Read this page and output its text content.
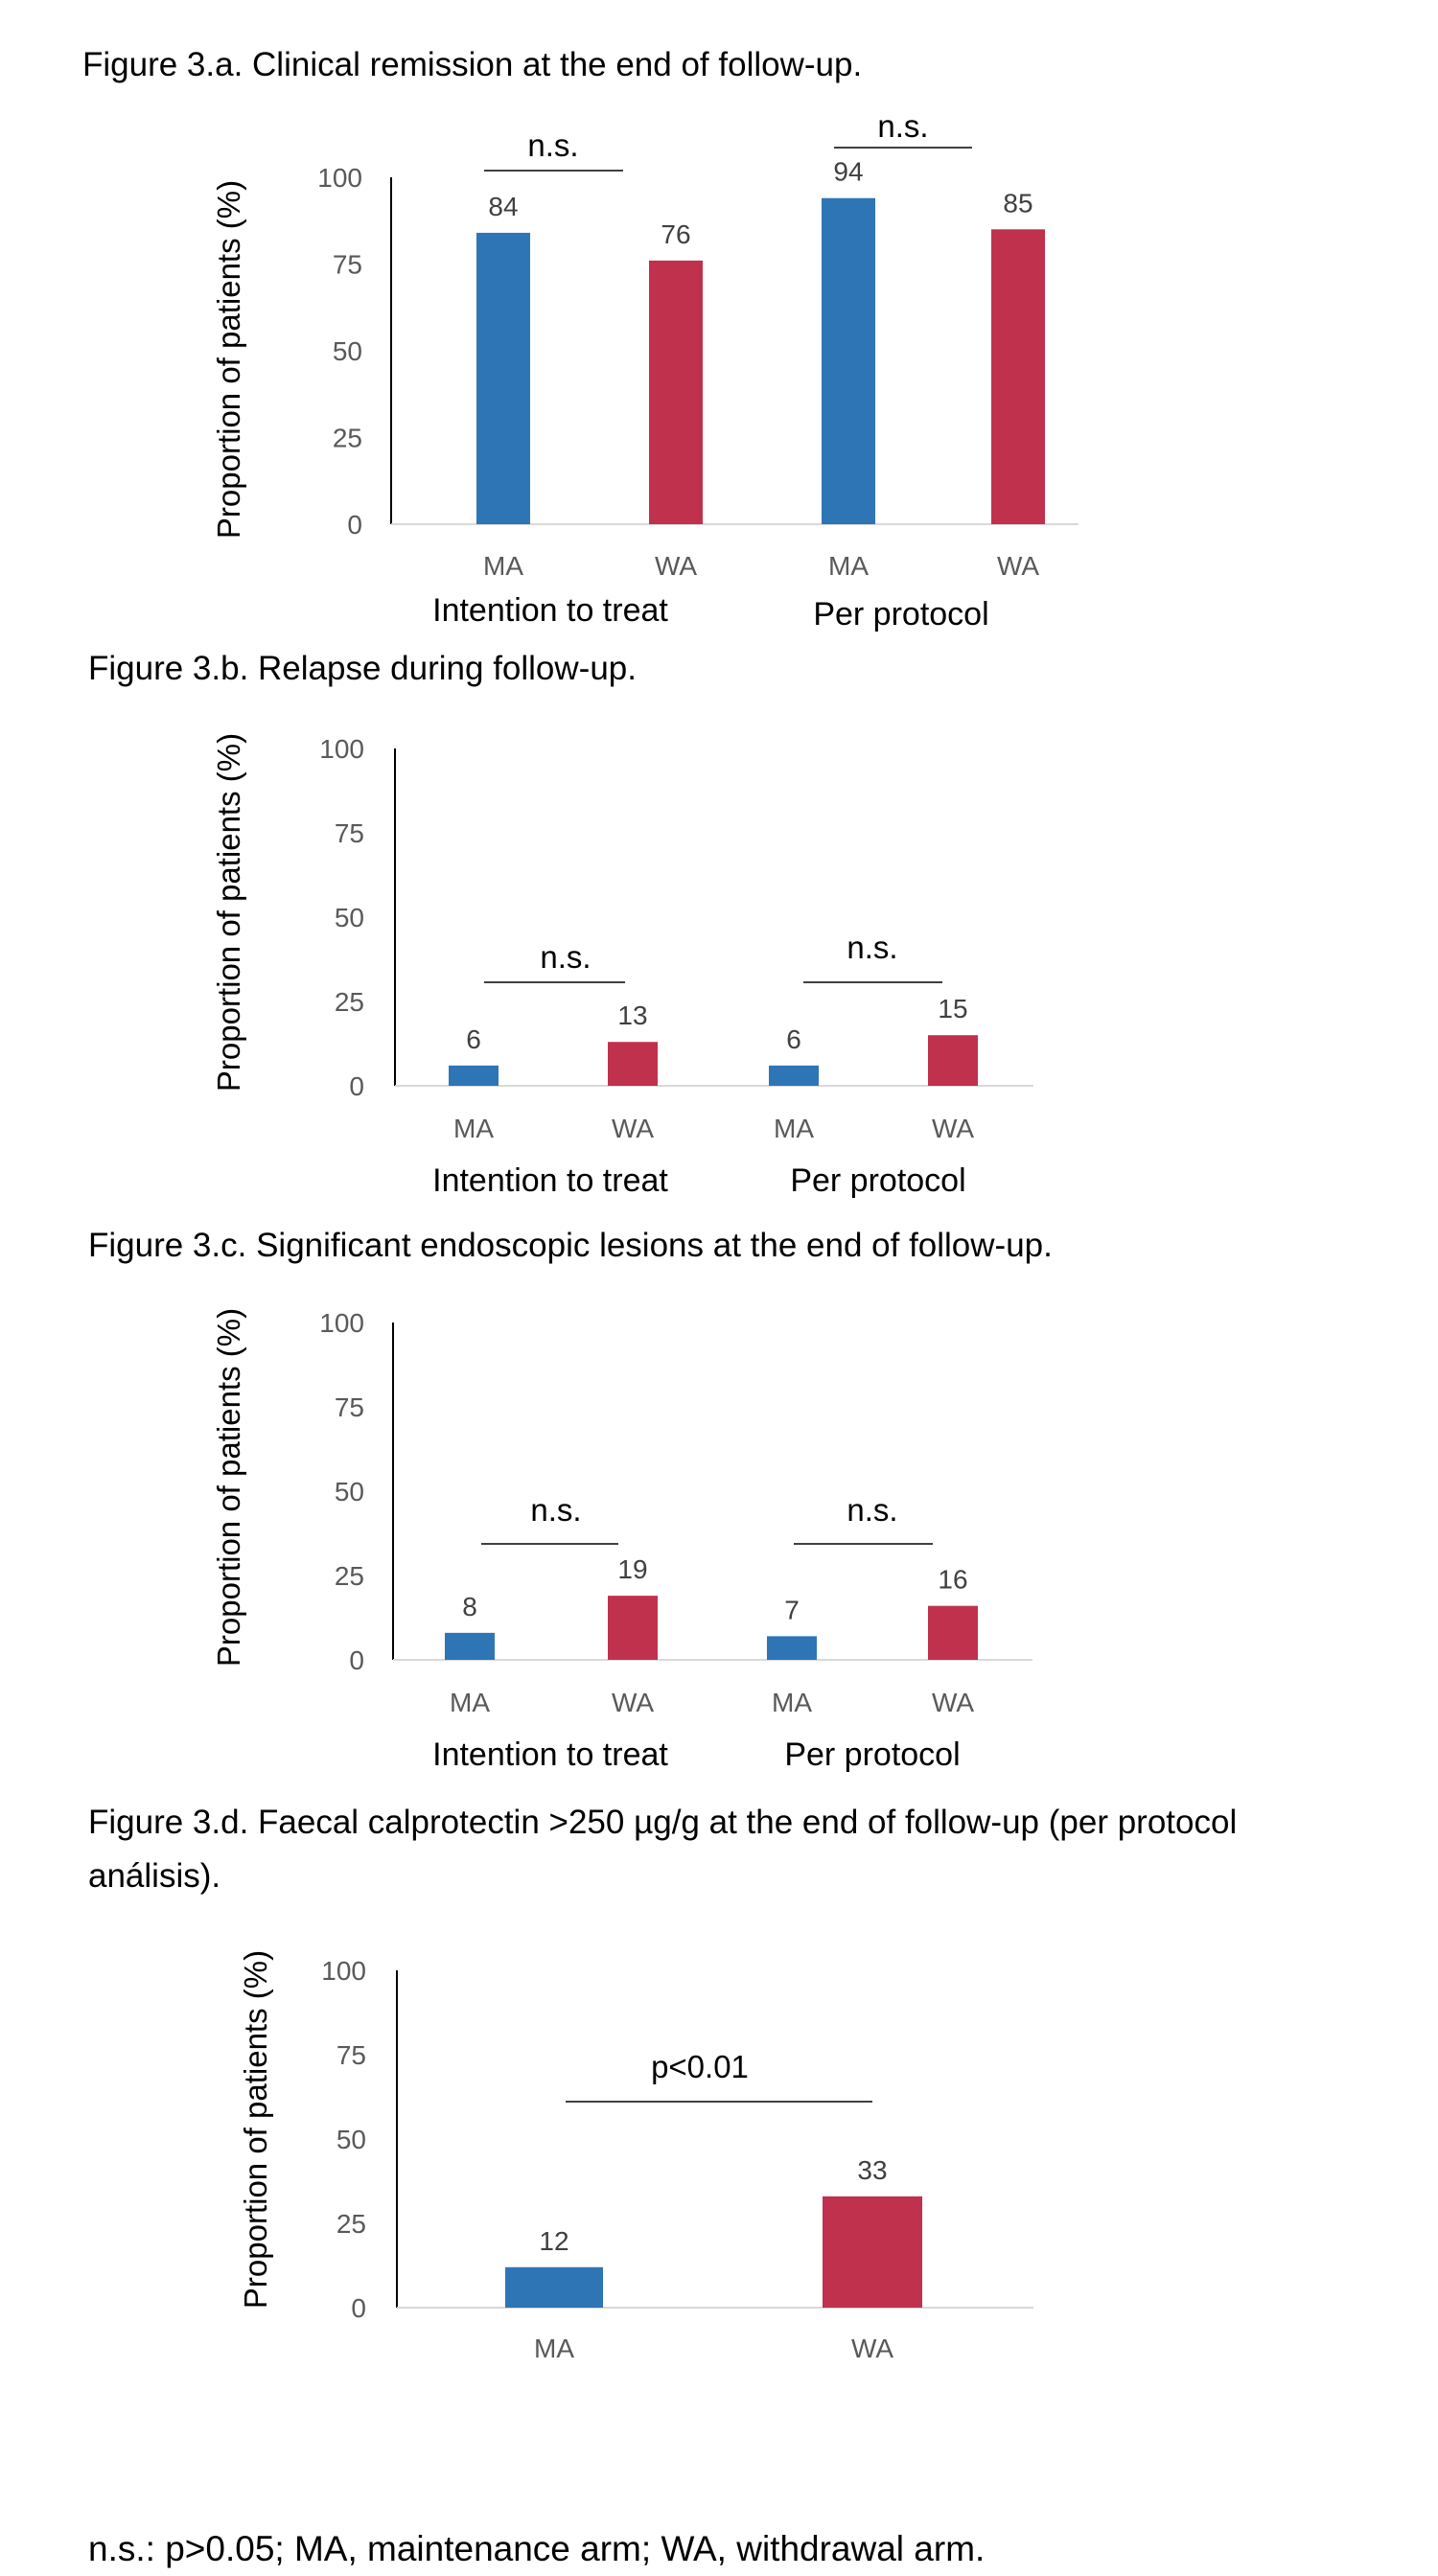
Figure 3.a. Clinical remission at the end of follow-up.

0
25
50
75
100
Proportion of patients (%)	84
MA
76
WA
94
MA
85
WA
Intention to treat	Per protocol
n.s.
n.s.
0
25
50
75
100
Proportion of patients (%)	6
MA
13
WA
6
MA
15
WA
Intention to treat	Per protocol
n.s.	n.s.
0
25
50
75
100
Proportion of patients (%)	8
MA
19
WA
7
MA
16
WA
Intention to treat	Per protocol
n.s.	n.s.
0
25
50
75
100
Proportion of patients (%)	12
MA
33
WA
p<0.01

Figure 3.b. Relapse during follow-up.

Figure 3.c. Significant endoscopic lesions at the end of follow-up.

Figure 3.d. Faecal calprotectin >250 µg/g at the end of follow-up (per protocol análisis).

n.s.: p>0.05; MA, maintenance arm; WA, withdrawal arm.
